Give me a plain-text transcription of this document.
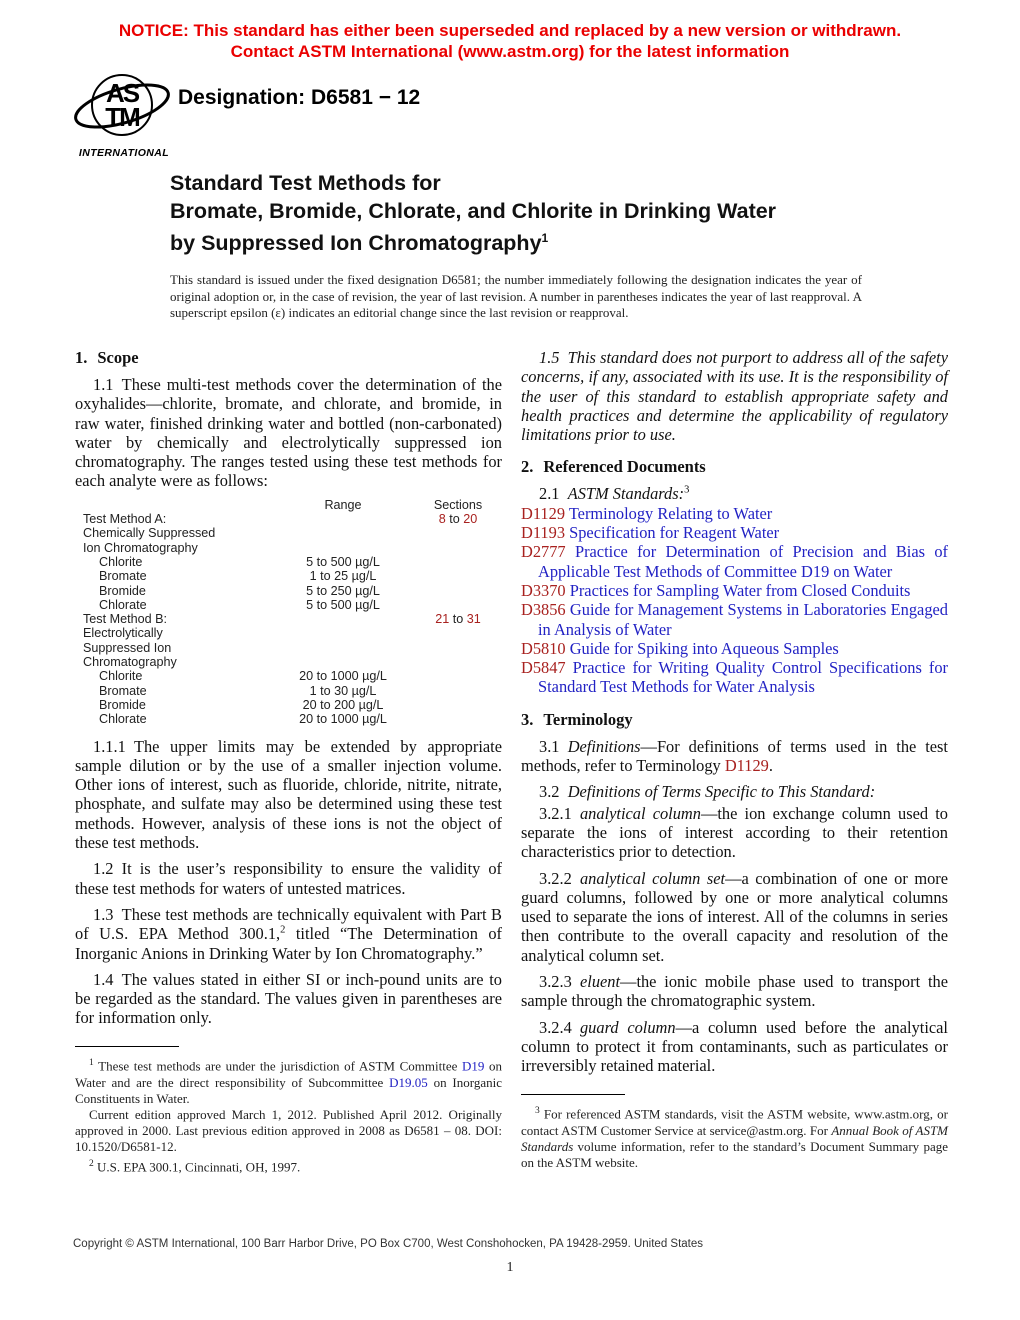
NOTICE: This standard has either been superseded and replaced by a new version or withdrawn.
Contact ASTM International (www.astm.org) for the latest information
AS
TM
INTERNATIONAL
Designation: D6581 − 12
Standard Test Methods for
Bromate, Bromide, Chlorate, and Chlorite in Drinking Water
by Suppressed Ion Chromatography$^1$
This standard is issued under the fixed designation D6581; the number immediately following the designation indicates the year of original adoption or, in the case of revision, the year of last revision. A number in parentheses indicates the year of last reapproval. A superscript epsilon (ε) indicates an editorial change since the last revision or reapproval.

1. Scope

1.1 These multi-test methods cover the determination of the oxyhalides—chlorite, bromate, and chlorate, and bromide, in raw water, finished drinking water and bottled (non-carbonated) water by chemically and electrolytically suppressed ion chromatography. The ranges tested using these test methods for each analyte were as follows:

Range	Sections
Test Method A:	8 to 20
Chemically Suppressed
Ion Chromatography
Chlorite	5 to 500 µg/L
Bromate	1 to 25 µg/L
Bromide	5 to 250 µg/L
Chlorate	5 to 500 µg/L
Test Method B:	21 to 31
Electrolytically
Suppressed Ion
Chromatography
Chlorite	20 to 1000 µg/L
Bromate	1 to 30 µg/L
Bromide	20 to 200 µg/L
Chlorate	20 to 1000 µg/L

1.1.1 The upper limits may be extended by appropriate sample dilution or by the use of a smaller injection volume. Other ions of interest, such as fluoride, chloride, nitrite, nitrate, phosphate, and sulfate may also be determined using these test methods. However, analysis of these ions is not the object of these test methods.

1.2 It is the user’s responsibility to ensure the validity of these test methods for waters of untested matrices.

1.3 These test methods are technically equivalent with Part B of U.S. EPA Method 300.1,$^2$ titled “The Determination of Inorganic Anions in Drinking Water by Ion Chromatography.”

1.4 The values stated in either SI or inch-pound units are to be regarded as the standard. The values given in parentheses are for information only.

1.5 This standard does not purport to address all of the safety concerns, if any, associated with its use. It is the responsibility of the user of this standard to establish appropriate safety and health practices and determine the applicability of regulatory limitations prior to use.

2. Referenced Documents

2.1 ASTM Standards:$^3$

D1129 Terminology Relating to Water
D1193 Specification for Reagent Water
D2777 Practice for Determination of Precision and Bias of Applicable Test Methods of Committee D19 on Water
D3370 Practices for Sampling Water from Closed Conduits
D3856 Guide for Management Systems in Laboratories Engaged in Analysis of Water
D5810 Guide for Spiking into Aqueous Samples
D5847 Practice for Writing Quality Control Specifications for Standard Test Methods for Water Analysis

3. Terminology

3.1 Definitions—For definitions of terms used in the test methods, refer to Terminology D1129.

3.2 Definitions of Terms Specific to This Standard:

3.2.1 analytical column—the ion exchange column used to separate the ions of interest according to their retention characteristics prior to detection.

3.2.2 analytical column set—a combination of one or more guard columns, followed by one or more analytical columns used to separate the ions of interest. All of the columns in series then contribute to the overall capacity and resolution of the analytical column set.

3.2.3 eluent—the ionic mobile phase used to transport the sample through the chromatographic system.

3.2.4 guard column—a column used before the analytical column to protect it from contaminants, such as particulates or irreversibly retained material.

$^1$ These test methods are under the jurisdiction of ASTM Committee D19 on Water and are the direct responsibility of Subcommittee D19.05 on Inorganic Constituents in Water.

Current edition approved March 1, 2012. Published April 2012. Originally approved in 2000. Last previous edition approved in 2008 as D6581 – 08. DOI: 10.1520/D6581-12.

$^2$ U.S. EPA 300.1, Cincinnati, OH, 1997.

$^3$ For referenced ASTM standards, visit the ASTM website, www.astm.org, or contact ASTM Customer Service at service@astm.org. For Annual Book of ASTM Standards volume information, refer to the standard’s Document Summary page on the ASTM website.

Copyright © ASTM International, 100 Barr Harbor Drive, PO Box C700, West Conshohocken, PA 19428-2959. United States
1
